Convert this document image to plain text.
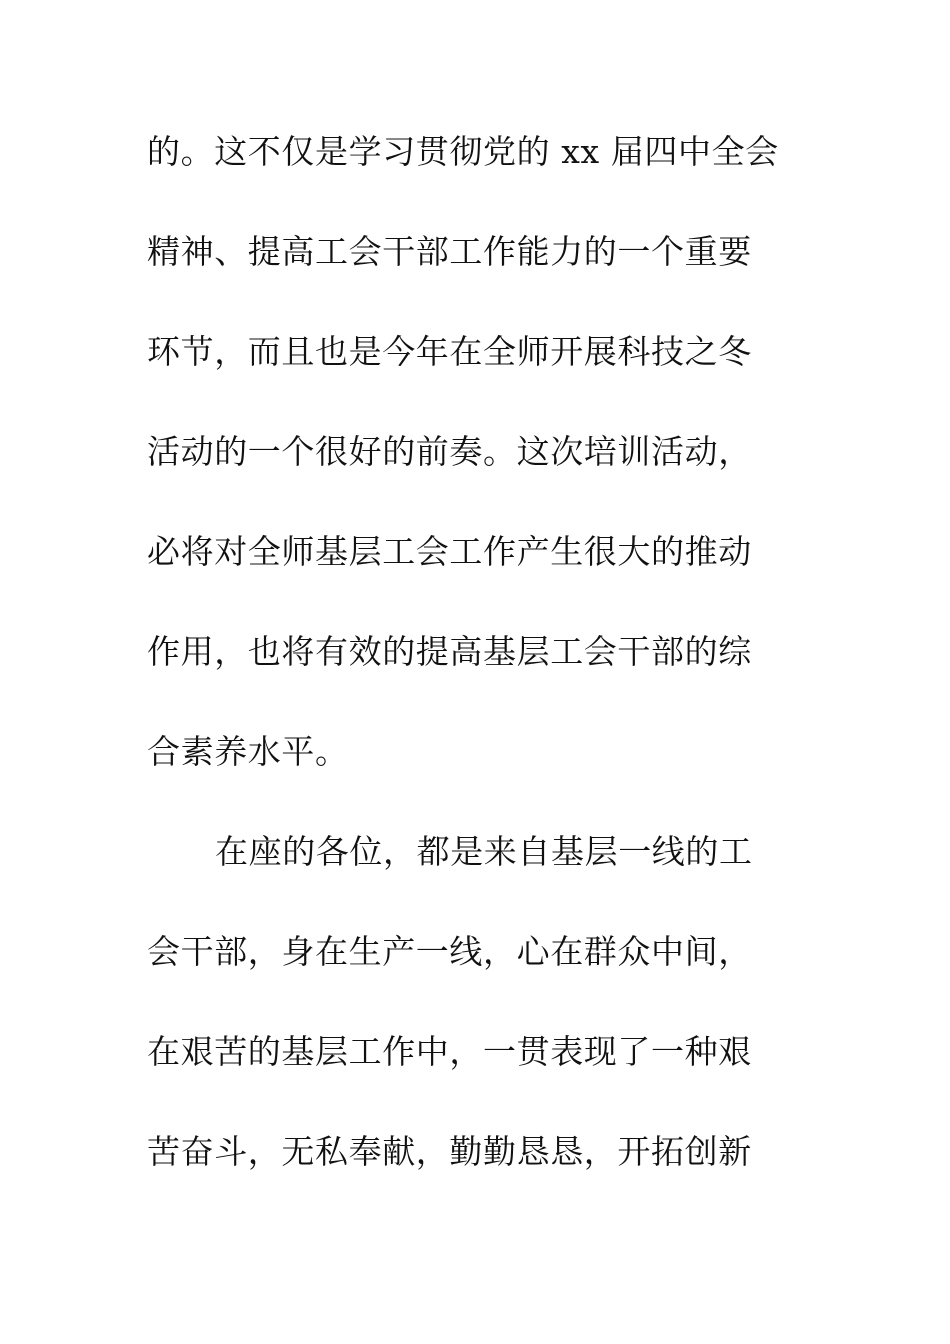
的。这不仅是学习贯彻党的 xx 届四中全会
精神、提高工会干部工作能力的一个重要
环节，而且也是今年在全师开展科技之冬
活动的一个很好的前奏。这次培训活动，
必将对全师基层工会工作产生很大的推动
作用，也将有效的提高基层工会干部的综
合素养水平。
在座的各位，都是来自基层一线的工
会干部，身在生产一线，心在群众中间，
在艰苦的基层工作中，一贯表现了一种艰
苦奋斗，无私奉献，勤勤恳恳，开拓创新
